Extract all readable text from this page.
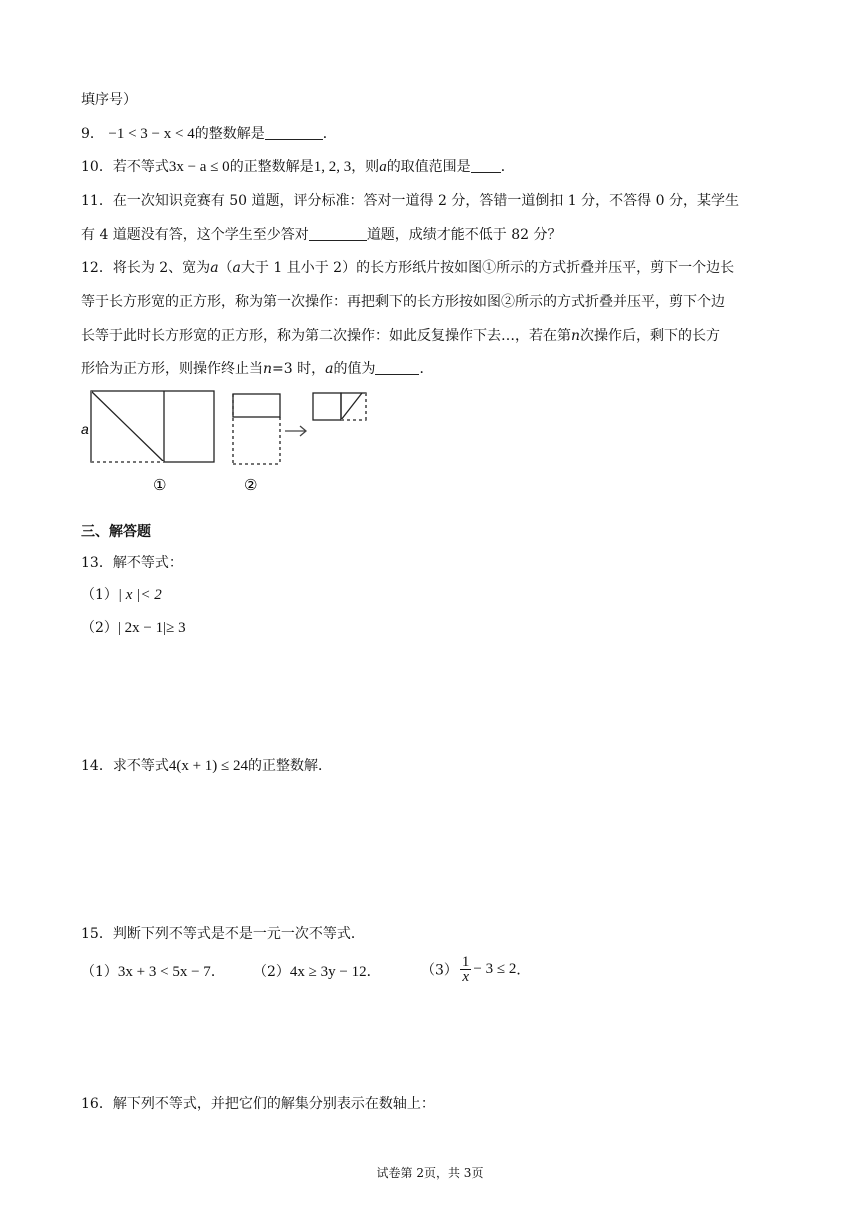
填序号）
9． −1 < 3 − x < 4的整数解是	．
10．若不等式3x − a ≤ 0的正整数解是1, 2, 3，则a的取值范围是 ．
11．在一次知识竞赛有 50 道题，评分标准：答对一道得 2 分，答错一道倒扣 1 分，不答得 0 分，某学生
有 4 道题没有答，这个学生至少答对	道题，成绩才能不低于 82 分？
12．将长为 2、宽为a（a大于 1 且小于 2）的长方形纸片按如图①所示的方式折叠并压平，剪下一个边长
等于长方形宽的正方形，称为第一次操作：再把剩下的长方形按如图②所示的方式折叠并压平，剪下个边
长等于此时长方形宽的正方形，称为第二次操作：如此反复操作下去…，若在第n次操作后，剩下的长方
形恰为正方形，则操作终止当n=3 时，a的值为	．
a
①	②
三、解答题
13．解不等式：
（1）| x |< 2
（2）| 2x − 1|≥ 3
14．求不等式4(x + 1) ≤ 24的正整数解．
15．判断下列不等式是不是一元一次不等式．
（1）3x + 3 < 5x − 7． （2）4x ≥ 3y − 12．	$(3) \frac{1}{x} - 3 \le 2$．
16．解下列不等式，并把它们的解集分别表示在数轴上：
试卷第 2页，共 3页
